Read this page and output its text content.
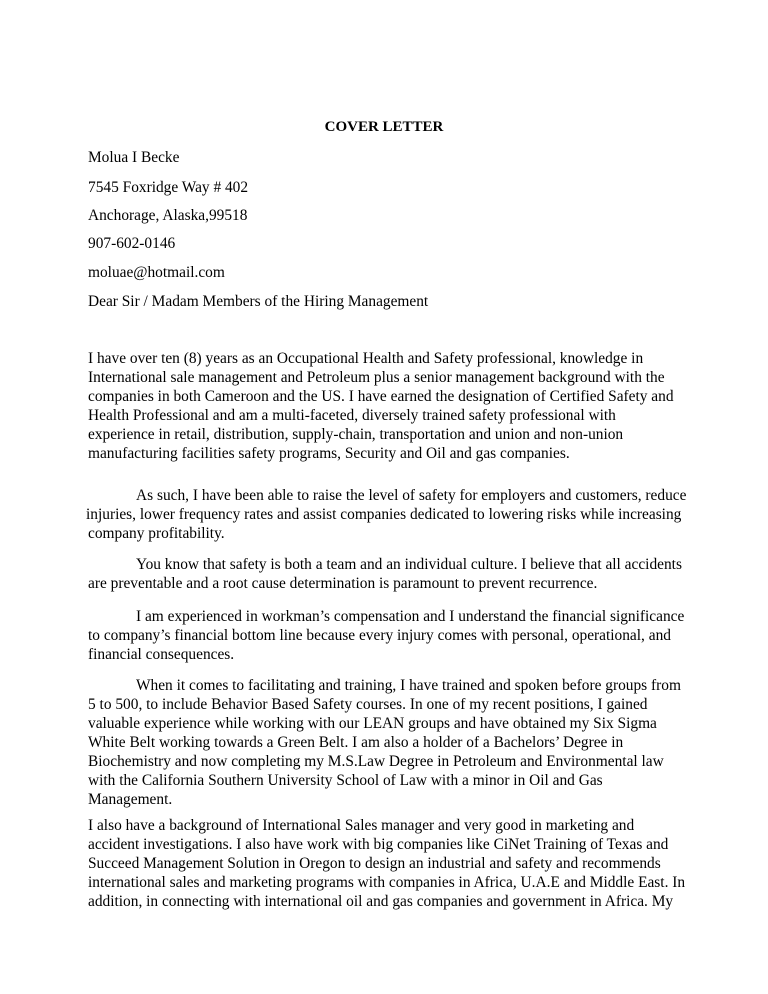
COVER LETTER
Molua I Becke
7545 Foxridge Way # 402
Anchorage, Alaska,99518
907-602-0146
moluae@hotmail.com
Dear Sir / Madam Members of the Hiring Management
I have over ten (8) years as an Occupational Health and Safety professional, knowledge in
International sale management and Petroleum plus a senior management background with the
companies in both Cameroon and the US. I have earned the designation of Certified Safety and
Health Professional and am a multi-faceted, diversely trained safety professional with
experience in retail, distribution, supply-chain, transportation and union and non-union
manufacturing facilities safety programs, Security and Oil and gas companies.
As such, I have been able to raise the level of safety for employers and customers, reduce
injuries, lower frequency rates and assist companies dedicated to lowering risks while increasing
company profitability.
You know that safety is both a team and an individual culture. I believe that all accidents
are preventable and a root cause determination is paramount to prevent recurrence.
I am experienced in workman’s compensation and I understand the financial significance
to company’s financial bottom line because every injury comes with personal, operational, and
financial consequences.
When it comes to facilitating and training, I have trained and spoken before groups from
5 to 500, to include Behavior Based Safety courses. In one of my recent positions, I gained
valuable experience while working with our LEAN groups and have obtained my Six Sigma
White Belt working towards a Green Belt. I am also a holder of a Bachelors’ Degree in
Biochemistry and now completing my M.S.Law Degree in Petroleum and Environmental law
with the California Southern University School of Law with a minor in Oil and Gas
Management.
I also have a background of International Sales manager and very good in marketing and
accident investigations. I also have work with big companies like CiNet Training of Texas and
Succeed Management Solution in Oregon to design an industrial and safety and recommends
international sales and marketing programs with companies in Africa, U.A.E and Middle East. In
addition, in connecting with international oil and gas companies and government in Africa. My
